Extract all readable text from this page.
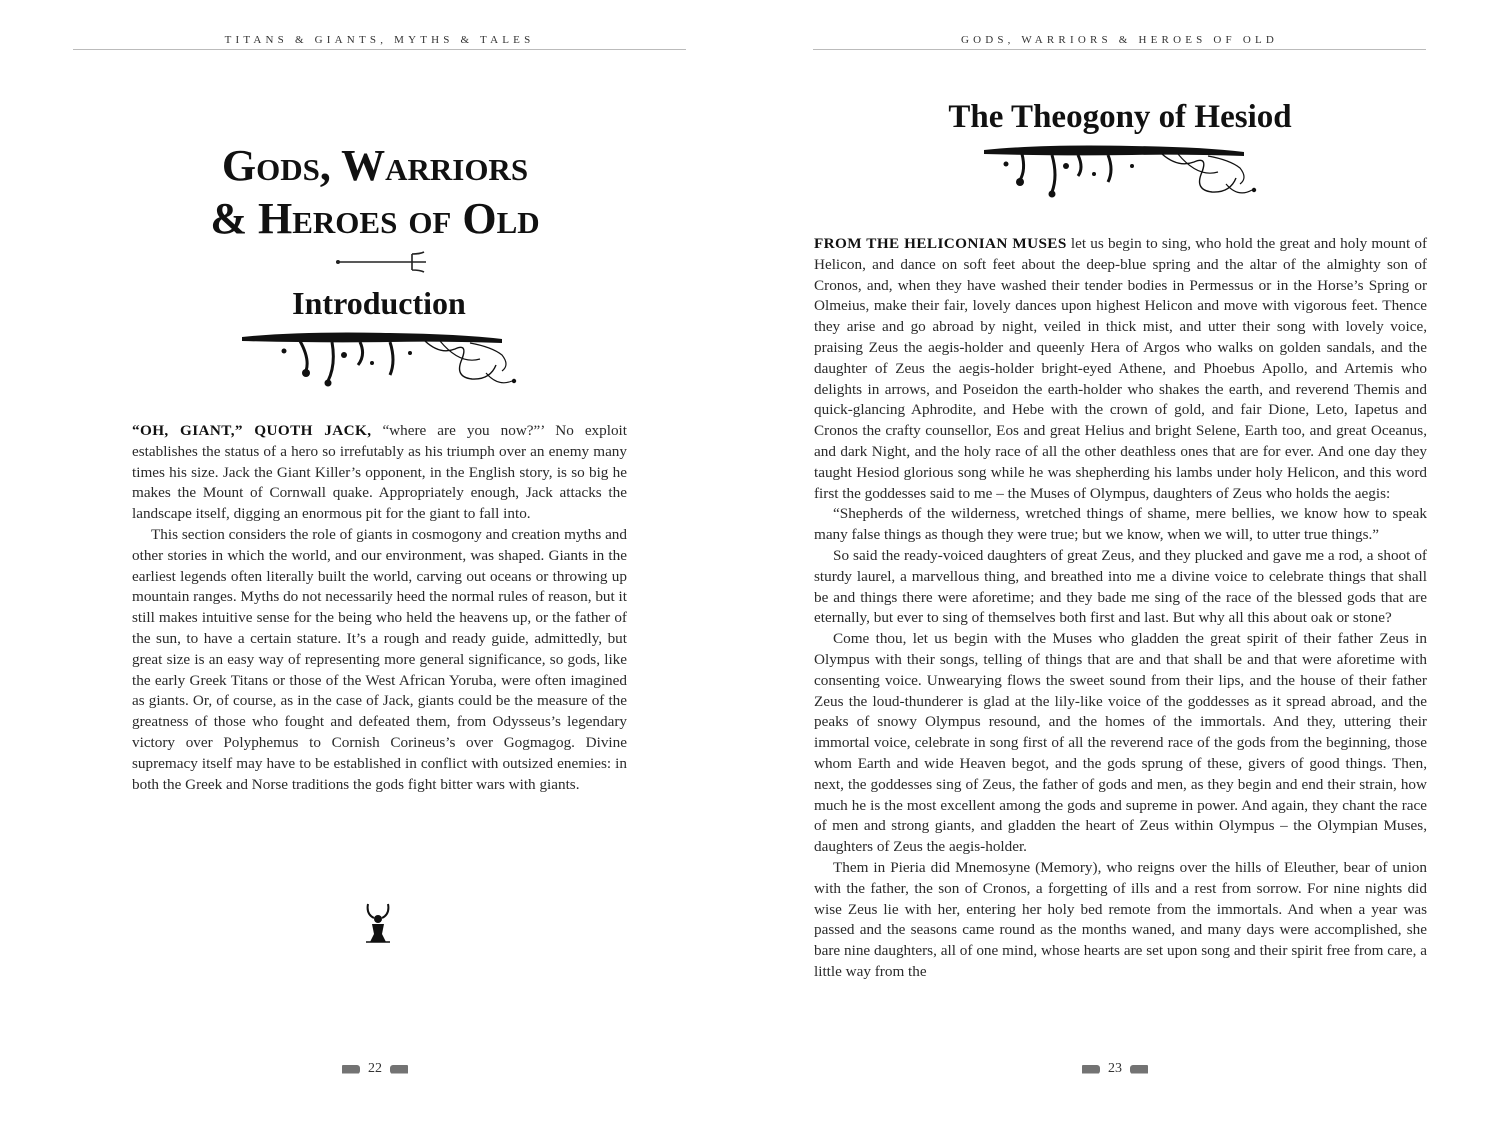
TITANS & GIANTS, MYTHS & TALES
Gods, Warriors
& Heroes of Old
Introduction

“OH, GIANT,” QUOTH JACK, “where are you now?”’ No exploit establishes the status of a hero so irrefutably as his triumph over an enemy many times his size. Jack the Giant Killer’s opponent, in the English story, is so big he makes the Mount of Cornwall quake. Appropriately enough, Jack attacks the landscape itself, digging an enormous pit for the giant to fall into.

This section considers the role of giants in cosmogony and creation myths and other stories in which the world, and our environment, was shaped. Giants in the earliest legends often literally built the world, carving out oceans or throwing up mountain ranges. Myths do not necessarily heed the normal rules of reason, but it still makes intuitive sense for the being who held the heavens up, or the father of the sun, to have a certain stature. It’s a rough and ready guide, admittedly, but great size is an easy way of representing more general significance, so gods, like the early Greek Titans or those of the West African Yoruba, were often imagined as giants. Or, of course, as in the case of Jack, giants could be the measure of the greatness of those who fought and defeated them, from Odysseus’s legendary victory over Polyphemus to Cornish Corineus’s over Gogmagog. Divine supremacy itself may have to be established in conflict with outsized enemies: in both the Greek and Norse traditions the gods fight bitter wars with giants.

22
GODS, WARRIORS & HEROES OF OLD
The Theogony of Hesiod

FROM THE HELICONIAN MUSES let us begin to sing, who hold the great and holy mount of Helicon, and dance on soft feet about the deep-blue spring and the altar of the almighty son of Cronos, and, when they have washed their tender bodies in Permessus or in the Horse’s Spring or Olmeius, make their fair, lovely dances upon highest Helicon and move with vigorous feet. Thence they arise and go abroad by night, veiled in thick mist, and utter their song with lovely voice, praising Zeus the aegis-holder and queenly Hera of Argos who walks on golden sandals, and the daughter of Zeus the aegis-holder bright-eyed Athene, and Phoebus Apollo, and Artemis who delights in arrows, and Poseidon the earth-holder who shakes the earth, and reverend Themis and quick-glancing Aphrodite, and Hebe with the crown of gold, and fair Dione, Leto, Iapetus and Cronos the crafty counsellor, Eos and great Helius and bright Selene, Earth too, and great Oceanus, and dark Night, and the holy race of all the other deathless ones that are for ever. And one day they taught Hesiod glorious song while he was shepherding his lambs under holy Helicon, and this word first the goddesses said to me – the Muses of Olympus, daughters of Zeus who holds the aegis:

“Shepherds of the wilderness, wretched things of shame, mere bellies, we know how to speak many false things as though they were true; but we know, when we will, to utter true things.”

So said the ready-voiced daughters of great Zeus, and they plucked and gave me a rod, a shoot of sturdy laurel, a marvellous thing, and breathed into me a divine voice to celebrate things that shall be and things there were aforetime; and they bade me sing of the race of the blessed gods that are eternally, but ever to sing of themselves both first and last. But why all this about oak or stone?

Come thou, let us begin with the Muses who gladden the great spirit of their father Zeus in Olympus with their songs, telling of things that are and that shall be and that were aforetime with consenting voice. Unwearying flows the sweet sound from their lips, and the house of their father Zeus the loud-thunderer is glad at the lily-like voice of the goddesses as it spread abroad, and the peaks of snowy Olympus resound, and the homes of the immortals. And they, uttering their immortal voice, celebrate in song first of all the reverend race of the gods from the beginning, those whom Earth and wide Heaven begot, and the gods sprung of these, givers of good things. Then, next, the goddesses sing of Zeus, the father of gods and men, as they begin and end their strain, how much he is the most excellent among the gods and supreme in power. And again, they chant the race of men and strong giants, and gladden the heart of Zeus within Olympus – the Olympian Muses, daughters of Zeus the aegis-holder.

Them in Pieria did Mnemosyne (Memory), who reigns over the hills of Eleuther, bear of union with the father, the son of Cronos, a forgetting of ills and a rest from sorrow. For nine nights did wise Zeus lie with her, entering her holy bed remote from the immortals. And when a year was passed and the seasons came round as the months waned, and many days were accomplished, she bare nine daughters, all of one mind, whose hearts are set upon song and their spirit free from care, a little way from the

23
